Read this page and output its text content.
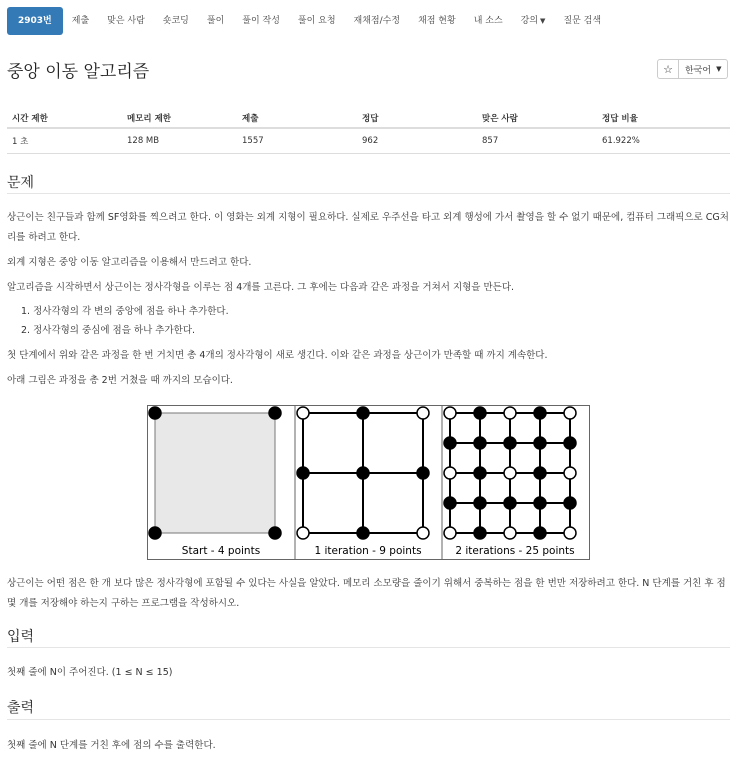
2903번	제출	맞은 사람	숏코딩	풀이	풀이 작성	풀이 요청	재채점/수정	채점 현황	내 소스	강의 ▼	질문 검색
중앙 이동 알고리즘	☆ 한국어 ▼
시간 제한	메모리 제한	제출	정답	맞은 사람	정답 비율
1 초	128 MB	1557	962	857	61.922%
문제
상근이는 친구들과 함께 SF영화를 찍으려고 한다. 이 영화는 외계 지형이 필요하다. 실제로 우주선을 타고 외계 행성에 가서 촬영을 할 수 없기 때문에, 컴퓨터 그래픽으로 CG처
리를 하려고 한다.
외계 지형은 중앙 이동 알고리즘을 이용해서 만드려고 한다.
알고리즘을 시작하면서 상근이는 정사각형을 이루는 점 4개를 고른다. 그 후에는 다음과 같은 과정을 거쳐서 지형을 만든다.
1. 정사각형의 각 변의 중앙에 점을 하나 추가한다.
2. 정사각형의 중심에 점을 하나 추가한다.
첫 단계에서 위와 같은 과정을 한 번 거치면 총 4개의 정사각형이 새로 생긴다. 이와 같은 과정을 상근이가 만족할 때 까지 계속한다.
아래 그림은 과정을 총 2번 거쳤을 때 까지의 모습이다.
Start - 4 points	1 iteration - 9 points	2 iterations - 25 points
상근이는 어떤 점은 한 개 보다 많은 정사각형에 포함될 수 있다는 사실을 알았다. 메모리 소모량을 줄이기 위해서 중복하는 점을 한 번만 저장하려고 한다. N 단계를 거친 후 점
몇 개를 저장해야 하는지 구하는 프로그램을 작성하시오.
입력
첫째 줄에 N이 주어진다. (1 ≤ N ≤ 15)
출력
첫째 줄에 N 단계를 거친 후에 점의 수를 출력한다.
